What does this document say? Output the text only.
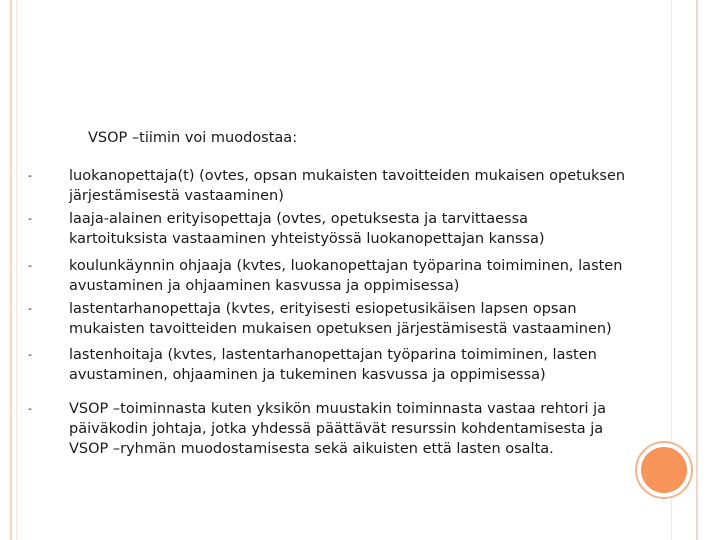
VSOP –tiimin voi muodostaa:
-	luokanopettaja(t) (ovtes, opsan mukaisten tavoitteiden mukaisen opetuksen järjestämisestä vastaaminen)
-	laaja-alainen erityisopettaja (ovtes, opetuksesta ja tarvittaessa kartoituksista vastaaminen yhteistyössä luokanopettajan kanssa)
-	koulunkäynnin ohjaaja (kvtes, luokanopettajan työparina toimiminen, lasten avustaminen ja ohjaaminen kasvussa ja oppimisessa)
-	lastentarhanopettaja (kvtes, erityisesti esiopetusikäisen lapsen opsan mukaisten tavoitteiden mukaisen opetuksen järjestämisestä vastaaminen)
-	lastenhoitaja (kvtes, lastentarhanopettajan työparina toimiminen, lasten avustaminen, ohjaaminen ja tukeminen kasvussa ja oppimisessa)
-	VSOP –toiminnasta kuten yksikön muustakin toiminnasta vastaa rehtori ja päiväkodin johtaja, jotka yhdessä päättävät resurssin kohdentamisesta ja VSOP –ryhmän muodostamisesta sekä aikuisten että lasten osalta.
